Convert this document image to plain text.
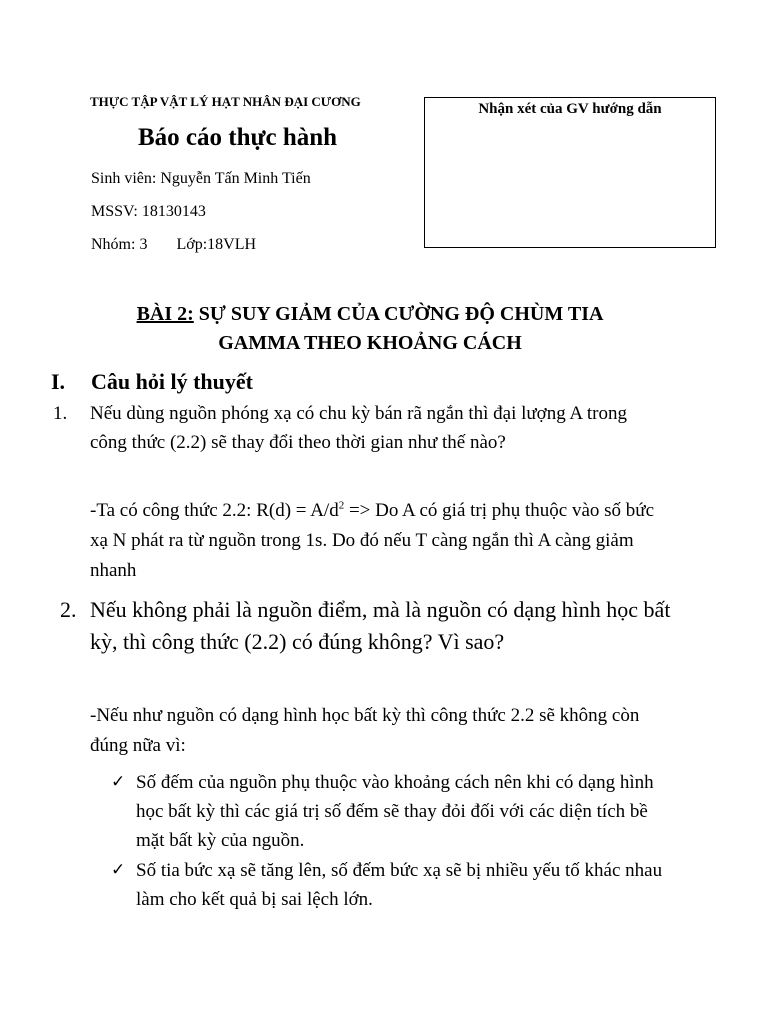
THỰC TẬP VẬT LÝ HẠT NHÂN ĐẠI CƯƠNG
Báo cáo thực hành
Sinh viên: Nguyễn Tấn Minh Tiến
MSSV: 18130143
Nhóm: 3 Lớp:18VLH
Nhận xét của GV hướng dẫn
BÀI 2: SỰ SUY GIẢM CỦA CƯỜNG ĐỘ CHÙM TIA
GAMMA THEO KHOẢNG CÁCH
I. Câu hỏi lý thuyết
1. Nếu dùng nguồn phóng xạ có chu kỳ bán rã ngắn thì đại lượng A trong công thức (2.2) sẽ thay đổi theo thời gian như thế nào?
-Ta có công thức 2.2: $R(d) = A/d^2 => Do$ A có giá trị phụ thuộc vào số bức xạ N phát ra từ nguồn trong 1s. Do đó nếu T càng ngắn thì A càng giảm nhanh
2. Nếu không phải là nguồn điểm, mà là nguồn có dạng hình học bất kỳ, thì công thức (2.2) có đúng không? Vì sao?
-Nếu như nguồn có dạng hình học bất kỳ thì công thức 2.2 sẽ không còn đúng nữa vì:
✓ Số đếm của nguồn phụ thuộc vào khoảng cách nên khi có dạng hình học bất kỳ thì các giá trị số đếm sẽ thay đỏi đối với các diện tích bề mặt bất kỳ của nguồn.
✓ Số tia bức xạ sẽ tăng lên, số đếm bức xạ sẽ bị nhiều yếu tố khác nhau làm cho kết quả bị sai lệch lớn.
